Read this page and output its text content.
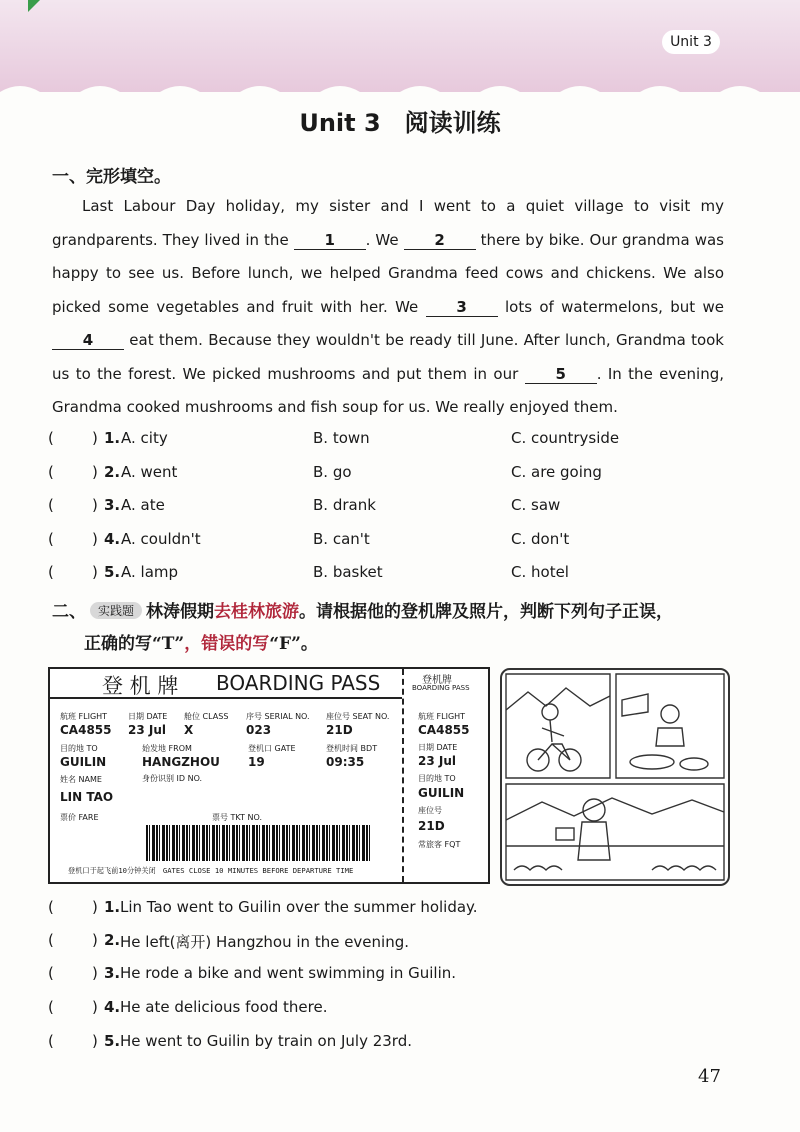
Unit 3
Unit 3　阅读训练
一、完形填空。

Last Labour Day holiday, my sister and I went to a quiet village to visit my grandparents. They lived in the 1 . We 2 there by bike. Our grandma was happy to see us. Before lunch, we helped Grandma feed cows and chickens. We also picked some vegetables and fruit with her. We 3 lots of watermelons, but we 4 eat them. Because they wouldn't be ready till June. After lunch, Grandma took us to the forest. We picked mushrooms and put them in our 5 . In the evening, Grandma cooked mushrooms and fish soup for us. We really enjoyed them.

(	) 1. A. city	B. town	C. countryside
(	) 2. A. went	B. go	C. are going
(	) 3. A. ate	B. drank	C. saw
(	) 4. A. couldn't	B. can't	C. don't
(	) 5. A. lamp	B. basket	C. hotel
二、 实践题 林涛假期去桂林旅游。请根据他的登机牌及照片，判断下列句子正误，
正确的写“T”，错误的写“F”。
登 机 牌 BOARDING PASS	登机牌
BOARDING PASS
航班 FLIGHT
CA4855
日期 DATE
23 Jul
舱位 CLASS
X
序号 SERIAL NO.
023
座位号 SEAT NO.
21D
目的地 TO
GUILIN
始发地 FROM
HANGZHOU
登机口 GATE
19
登机时间 BDT
09:35
身份识别 ID NO.
姓名 NAME
LIN TAO
票价 FARE	票号 TKT NO.
登机口于起飞前10分钟关闭　GATES CLOSE 10 MINUTES BEFORE DEPARTURE TIME
航班 FLIGHT
CA4855
日期 DATE
23 Jul
目的地 TO
GUILIN
座位号
21D
常旅客 FQT
(	) 1. Lin Tao went to Guilin over the summer holiday.
(	) 2. He left(离开) Hangzhou in the evening.
(	) 3. He rode a bike and went swimming in Guilin.
(	) 4. He ate delicious food there.
(	) 5. He went to Guilin by train on July 23rd.
47
